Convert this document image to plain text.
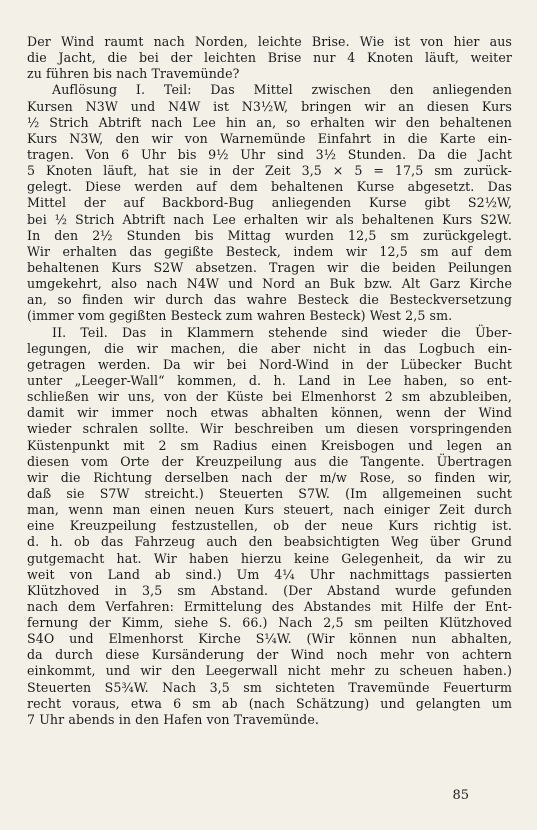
Der Wind raumt nach Norden, leichte Brise. Wie ist von hier aus
die Jacht, die bei der leichten Brise nur 4 Knoten läuft, weiter
zu führen bis nach Travemünde?
Auflösung I. Teil: Das Mittel zwischen den anliegenden
Kursen N3W und N4W ist N3½W, bringen wir an diesen Kurs
½ Strich Abtrift nach Lee hin an, so erhalten wir den behaltenen
Kurs N3W, den wir von Warnemünde Einfahrt in die Karte ein-
tragen. Von 6 Uhr bis 9½ Uhr sind 3½ Stunden. Da die Jacht
5 Knoten läuft, hat sie in der Zeit 3,5 × 5 = 17,5 sm zurück-
gelegt. Diese werden auf dem behaltenen Kurse abgesetzt. Das
Mittel der auf Backbord-Bug anliegenden Kurse gibt S2½W,
bei ½ Strich Abtrift nach Lee erhalten wir als behaltenen Kurs S2W.
In den 2½ Stunden bis Mittag wurden 12,5 sm zurückgelegt.
Wir erhalten das gegißte Besteck, indem wir 12,5 sm auf dem
behaltenen Kurs S2W absetzen. Tragen wir die beiden Peilungen
umgekehrt, also nach N4W und Nord an Buk bzw. Alt Garz Kirche
an, so finden wir durch das wahre Besteck die Besteckversetzung
(immer vom gegißten Besteck zum wahren Besteck) West 2,5 sm.
II. Teil. Das in Klammern stehende sind wieder die Über-
legungen, die wir machen, die aber nicht in das Logbuch ein-
getragen werden. Da wir bei Nord-Wind in der Lübecker Bucht
unter „Leeger-Wall“ kommen, d. h. Land in Lee haben, so ent-
schließen wir uns, von der Küste bei Elmenhorst 2 sm abzubleiben,
damit wir immer noch etwas abhalten können, wenn der Wind
wieder schralen sollte. Wir beschreiben um diesen vorspringenden
Küstenpunkt mit 2 sm Radius einen Kreisbogen und legen an
diesen vom Orte der Kreuzpeilung aus die Tangente. Übertragen
wir die Richtung derselben nach der m/w Rose, so finden wir,
daß sie S7W streicht.) Steuerten S7W. (Im allgemeinen sucht
man, wenn man einen neuen Kurs steuert, nach einiger Zeit durch
eine Kreuzpeilung festzustellen, ob der neue Kurs richtig ist.
d. h. ob das Fahrzeug auch den beabsichtigten Weg über Grund
gutgemacht hat. Wir haben hierzu keine Gelegenheit, da wir zu
weit von Land ab sind.) Um 4¼ Uhr nachmittags passierten
Klützhoved in 3,5 sm Abstand. (Der Abstand wurde gefunden
nach dem Verfahren: Ermittelung des Abstandes mit Hilfe der Ent-
fernung der Kimm, siehe S. 66.) Nach 2,5 sm peilten Klützhoved
S4O und Elmenhorst Kirche S¼W. (Wir können nun abhalten,
da durch diese Kursänderung der Wind noch mehr von achtern
einkommt, und wir den Leegerwall nicht mehr zu scheuen haben.)
Steuerten S5¾W. Nach 3,5 sm sichteten Travemünde Feuerturm
recht voraus, etwa 6 sm ab (nach Schätzung) und gelangten um
7 Uhr abends in den Hafen von Travemünde.
85
